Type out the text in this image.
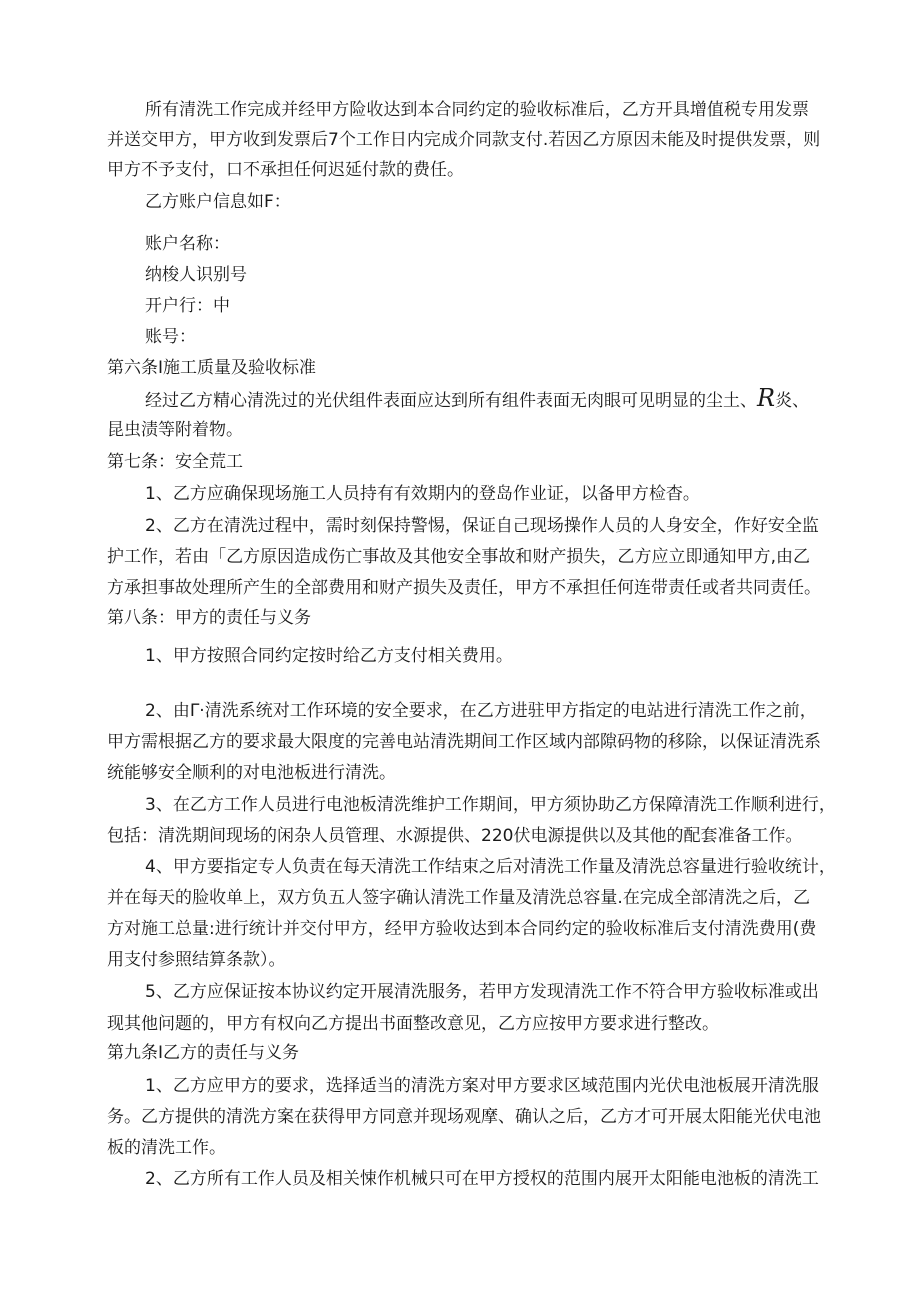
所有清洗工作完成并经甲方险收达到本合同约定的验收标准后，乙方开具增值税专用发票

并送交甲方，甲方收到发票后7个工作日内完成介同款支付.若因乙方原因未能及时提供发票，则

甲方不予支付，口不承担任何迟延付款的费任。

乙方账户信息如F：

账户名称：

纳梭人识别号

开户行：中

账号：

第六条I施工质量及验收标准

经过乙方精心清洗过的光伏组件表面应达到所有组件表面无肉眼可见明显的尘土、R炎、

昆虫渍等附着物。

第七条：安全荒工

1、乙方应确保现场施工人员持有有效期内的登岛作业证，以备甲方检杳。

2、乙方在清洗过程中，需时刻保持警惕，保证自己现场操作人员的人身安全，作好安全监

护工作，若由「乙方原因造成伤亡事故及其他安全事故和财产损失，乙方应立即通知甲方,由乙

方承担事故处理所产生的全部费用和财产损失及责任，甲方不承担任何连带责任或者共同责任。

第八条：甲方的责任与义务

1、甲方按照合同约定按时给乙方支付相关费用。

2、由Γ·清洗系统对工作环境的安全要求，在乙方进驻甲方指定的电站进行清洗工作之前，

甲方需根据乙方的要求最大限度的完善电站清洗期间工作区域内部隙码物的移除，以保证清洗系

统能够安全顺利的对电池板进行清洗。

3、在乙方工作人员进行电池板清洗维护工作期间，甲方须协助乙方保障清洗工作顺利进行，

包括：清洗期间现场的闲杂人员管理、水源提供、220伏电源提供以及其他的配套准备工作。

4、甲方要指定专人负责在每天清洗工作结束之后对清洗工作量及清洗总容量进行验收统计，

并在每天的脸收单上，双方负五人签字确认清洗工作量及清洗总容量.在完成全部清洗之后，乙

方对施工总量:进行统计并交付甲方，经甲方验收达到本合同约定的验收标准后支付清洗费用(费

用支付参照结算条款）。

5、乙方应保证按本协议约定开展清洗服务，若甲方发现清洗工作不符合甲方验收标准或出

现其他问题的，甲方有权向乙方提出书面整改意见，乙方应按甲方要求进行整改。

第九条I乙方的责任与义务

1、乙方应甲方的要求，选择适当的清洗方案对甲方要求区域范围内光伏电池板展开清洗服

务。乙方提供的清洗方案在获得甲方同意并现场观摩、确认之后，乙方才可开展太阳能光伏电池

板的清洗工作。

2、乙方所有工作人员及相关悚作机械只可在甲方授权的范围内展开太阳能电池板的清洗工
